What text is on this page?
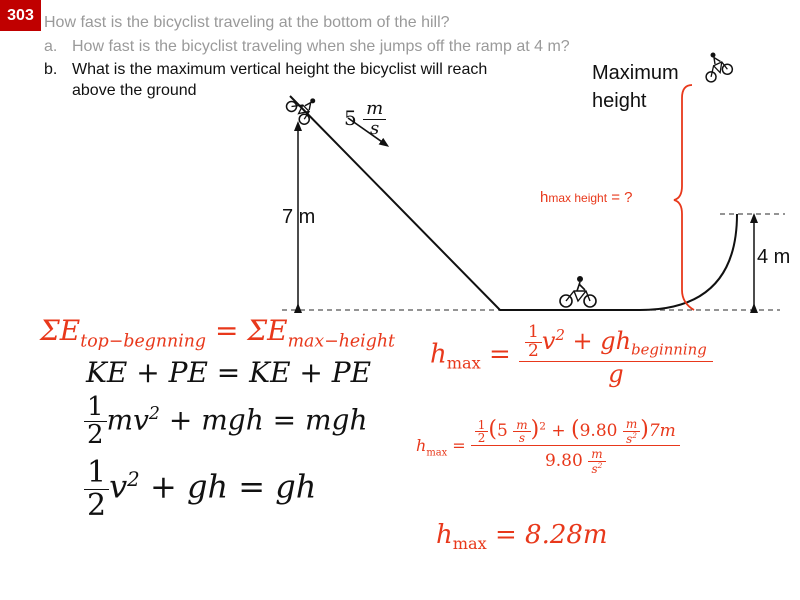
303 How fast is the bicyclist traveling at the bottom of the hill?
a. How fast is the bicyclist traveling when she jumps off the ramp at 4 m?
b. What is the maximum vertical height the bicyclist will reach
above the ground
$5 \frac{m}{s}$
7 m
4 m
Maximum
height
hmax height = ?
$\Sigma E_{top-begnning} = \Sigma E_{max-height}$
KE + PE = KE + PE
$\frac{1}{2} mv^2$ + mgh = mgh
$\frac{1}{2} v^2$ + gh = gh
$h_{max} = \frac{\frac{1}{2} v^2 + gh_{beginning}}{g}$
$h_{max} = \frac{\frac{1}{2} (5 \frac{m}{s} )^2 + (9.80 \frac{m}{s^2} )7m}{9.80 \frac{m}{s^2}}$
$h_{max} = 8.28m$
